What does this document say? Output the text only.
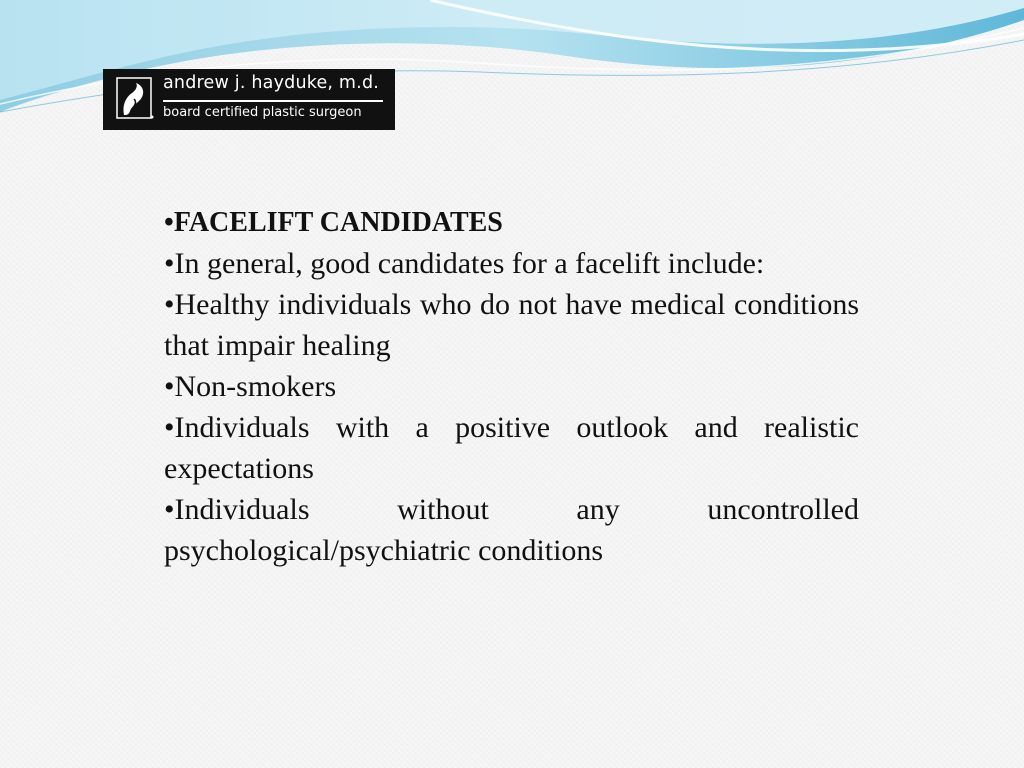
andrew j. hayduke, m.d.
board certified plastic surgeon

•FACELIFT CANDIDATES

•In general, good candidates for a facelift include:

•Healthy individuals who do not have medical conditions that impair healing

•Non-smokers

•Individuals with a positive outlook and realistic expectations

•Individuals without any uncontrolled psychological/psychiatric conditions
